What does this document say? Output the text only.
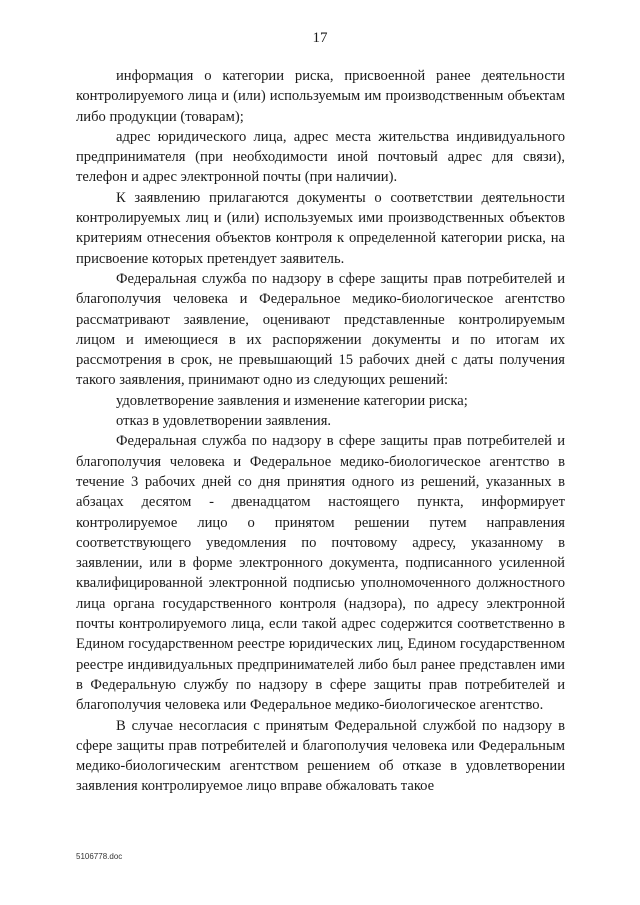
17

информация о категории риска, присвоенной ранее деятельности контролируемого лица и (или) используемым им производственным объектам либо продукции (товарам);

адрес юридического лица, адрес места жительства индивидуального предпринимателя (при необходимости иной почтовый адрес для связи), телефон и адрес электронной почты (при наличии).

К заявлению прилагаются документы о соответствии деятельности контролируемых лиц и (или) используемых ими производственных объектов критериям отнесения объектов контроля к определенной категории риска, на присвоение которых претендует заявитель.

Федеральная служба по надзору в сфере защиты прав потребителей и благополучия человека и Федеральное медико-биологическое агентство рассматривают заявление, оценивают представленные контролируемым лицом и имеющиеся в их распоряжении документы и по итогам их рассмотрения в срок, не превышающий 15 рабочих дней с даты получения такого заявления, принимают одно из следующих решений:

удовлетворение заявления и изменение категории риска;

отказ в удовлетворении заявления.

Федеральная служба по надзору в сфере защиты прав потребителей и благополучия человека и Федеральное медико-биологическое агентство в течение 3 рабочих дней со дня принятия одного из решений, указанных в абзацах десятом - двенадцатом настоящего пункта, информирует контролируемое лицо о принятом решении путем направления соответствующего уведомления по почтовому адресу, указанному в заявлении, или в форме электронного документа, подписанного усиленной квалифицированной электронной подписью уполномоченного должностного лица органа государственного контроля (надзора), по адресу электронной почты контролируемого лица, если такой адрес содержится соответственно в Едином государственном реестре юридических лиц, Едином государственном реестре индивидуальных предпринимателей либо был ранее представлен ими в Федеральную службу по надзору в сфере защиты прав потребителей и благополучия человека или Федеральное медико-биологическое агентство.

В случае несогласия с принятым Федеральной службой по надзору в сфере защиты прав потребителей и благополучия человека или Федеральным медико-биологическим агентством решением об отказе в удовлетворении заявления контролируемое лицо вправе обжаловать такое

5106778.doc
